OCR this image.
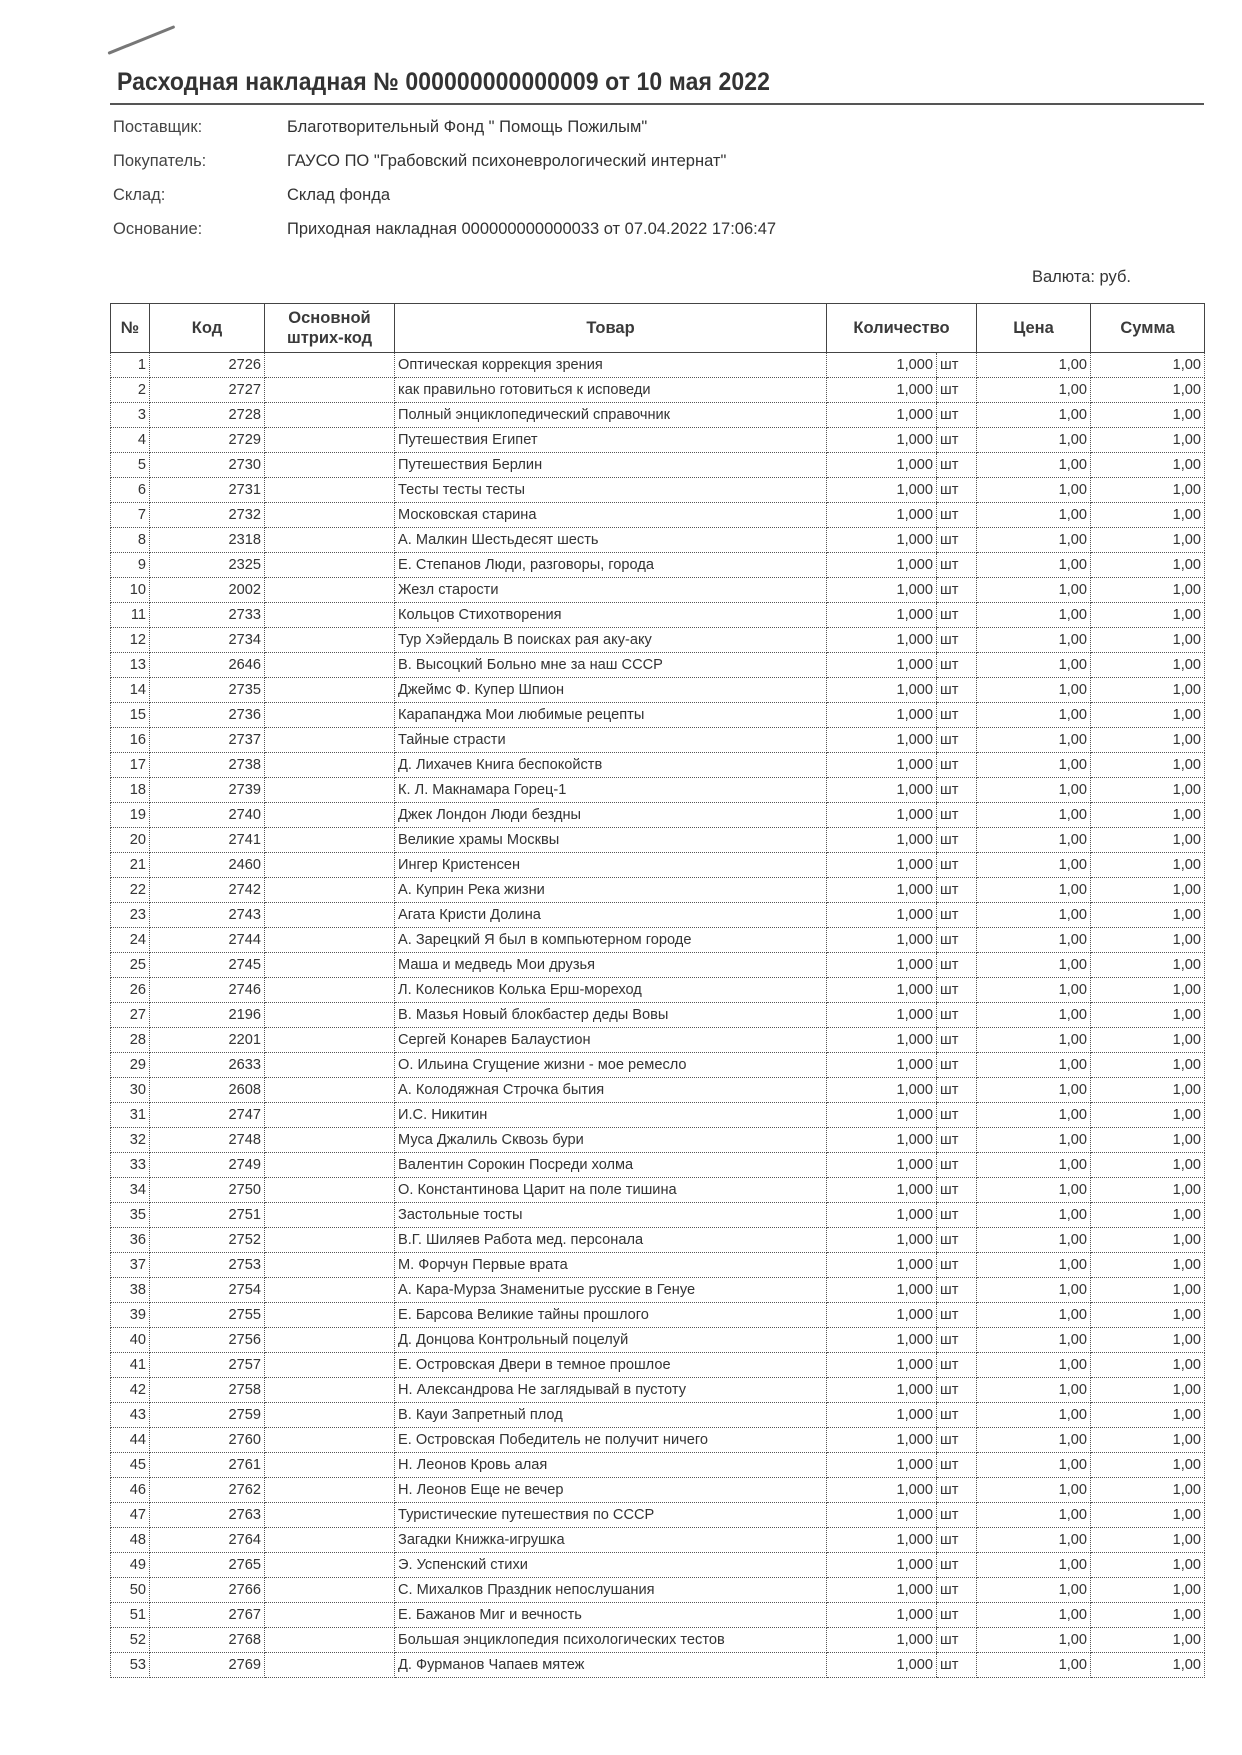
Расходная накладная № 000000000000009 от 10 мая 2022
Поставщик:	Благотворительный Фонд " Помощь Пожилым"
Покупатель:	ГАУСО ПО "Грабовский психоневрологический интернат"
Склад:	Склад фонда
Основание:	Приходная накладная 000000000000033 от 07.04.2022 17:06:47
Валюта: руб.
№	Код	Основной штрих-код	Товар	Количество		Цена	Сумма
1	2726		Оптическая коррекция зрения	1,000	шт	1,00	1,00
2	2727		как правильно готовиться к исповеди	1,000	шт	1,00	1,00
3	2728		Полный энциклопедический справочник	1,000	шт	1,00	1,00
4	2729		Путешествия Египет	1,000	шт	1,00	1,00
5	2730		Путешествия Берлин	1,000	шт	1,00	1,00
6	2731		Тесты тесты тесты	1,000	шт	1,00	1,00
7	2732		Московская старина	1,000	шт	1,00	1,00
8	2318		А. Малкин Шестьдесят шесть	1,000	шт	1,00	1,00
9	2325		Е. Степанов Люди, разговоры, города	1,000	шт	1,00	1,00
10	2002		Жезл старости	1,000	шт	1,00	1,00
11	2733		Кольцов Стихотворения	1,000	шт	1,00	1,00
12	2734		Тур Хэйердаль В поисках рая аку-аку	1,000	шт	1,00	1,00
13	2646		В. Высоцкий Больно мне за наш СССР	1,000	шт	1,00	1,00
14	2735		Джеймс Ф. Купер Шпион	1,000	шт	1,00	1,00
15	2736		Карапанджа Мои любимые рецепты	1,000	шт	1,00	1,00
16	2737		Тайные страсти	1,000	шт	1,00	1,00
17	2738		Д. Лихачев Книга беспокойств	1,000	шт	1,00	1,00
18	2739		К. Л. Макнамара Горец-1	1,000	шт	1,00	1,00
19	2740		Джек Лондон Люди бездны	1,000	шт	1,00	1,00
20	2741		Великие храмы Москвы	1,000	шт	1,00	1,00
21	2460		Ингер Кристенсен	1,000	шт	1,00	1,00
22	2742		А. Куприн Река жизни	1,000	шт	1,00	1,00
23	2743		Агата Кристи Долина	1,000	шт	1,00	1,00
24	2744		А. Зарецкий Я был в компьютерном городе	1,000	шт	1,00	1,00
25	2745		Маша и медведь Мои друзья	1,000	шт	1,00	1,00
26	2746		Л. Колесников Колька Ерш-мореход	1,000	шт	1,00	1,00
27	2196		В. Мазья Новый блокбастер деды Вовы	1,000	шт	1,00	1,00
28	2201		Сергей Конарев Балаустион	1,000	шт	1,00	1,00
29	2633		О. Ильина Сгущение жизни - мое ремесло	1,000	шт	1,00	1,00
30	2608		А. Колодяжная Строчка бытия	1,000	шт	1,00	1,00
31	2747		И.С. Никитин	1,000	шт	1,00	1,00
32	2748		Муса Джалиль Сквозь бури	1,000	шт	1,00	1,00
33	2749		Валентин Сорокин Посреди холма	1,000	шт	1,00	1,00
34	2750		О. Константинова Царит на поле тишина	1,000	шт	1,00	1,00
35	2751		Застольные тосты	1,000	шт	1,00	1,00
36	2752		В.Г. Шиляев Работа мед. персонала	1,000	шт	1,00	1,00
37	2753		М. Форчун Первые врата	1,000	шт	1,00	1,00
38	2754		А. Кара-Мурза Знаменитые русские в Генуе	1,000	шт	1,00	1,00
39	2755		Е. Барсова Великие тайны прошлого	1,000	шт	1,00	1,00
40	2756		Д. Донцова Контрольный поцелуй	1,000	шт	1,00	1,00
41	2757		Е. Островская Двери в темное прошлое	1,000	шт	1,00	1,00
42	2758		Н. Александрова Не заглядывай в пустоту	1,000	шт	1,00	1,00
43	2759		В. Кауи Запретный плод	1,000	шт	1,00	1,00
44	2760		Е. Островская Победитель не получит ничего	1,000	шт	1,00	1,00
45	2761		Н. Леонов Кровь алая	1,000	шт	1,00	1,00
46	2762		Н. Леонов Еще не вечер	1,000	шт	1,00	1,00
47	2763		Туристические путешествия по СССР	1,000	шт	1,00	1,00
48	2764		Загадки Книжка-игрушка	1,000	шт	1,00	1,00
49	2765		Э. Успенский стихи	1,000	шт	1,00	1,00
50	2766		С. Михалков Праздник непослушания	1,000	шт	1,00	1,00
51	2767		Е. Бажанов Миг и вечность	1,000	шт	1,00	1,00
52	2768		Большая энциклопедия психологических тестов	1,000	шт	1,00	1,00
53	2769		Д. Фурманов Чапаев мятеж	1,000	шт	1,00	1,00
